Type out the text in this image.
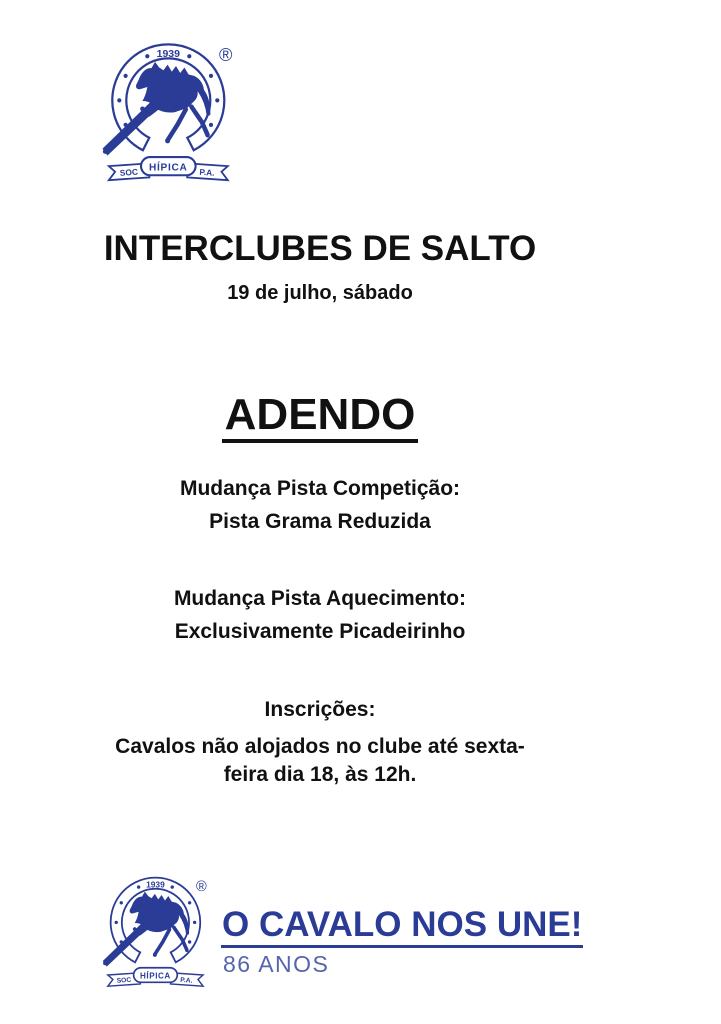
1939 ®
SOC	P.A.
HÍPICA
INTERCLUBES DE SALTO
19 de julho, sábado
ADENDO
Mudança Pista Competição:
Pista Grama Reduzida
Mudança Pista Aquecimento:
Exclusivamente Picadeirinho
Inscrições:
Cavalos não alojados no clube até sexta-feira dia 18, às 12h.
1939 ®
SOC	P.A.
HÍPICA
O CAVALO NOS UNE!
86 ANOS
